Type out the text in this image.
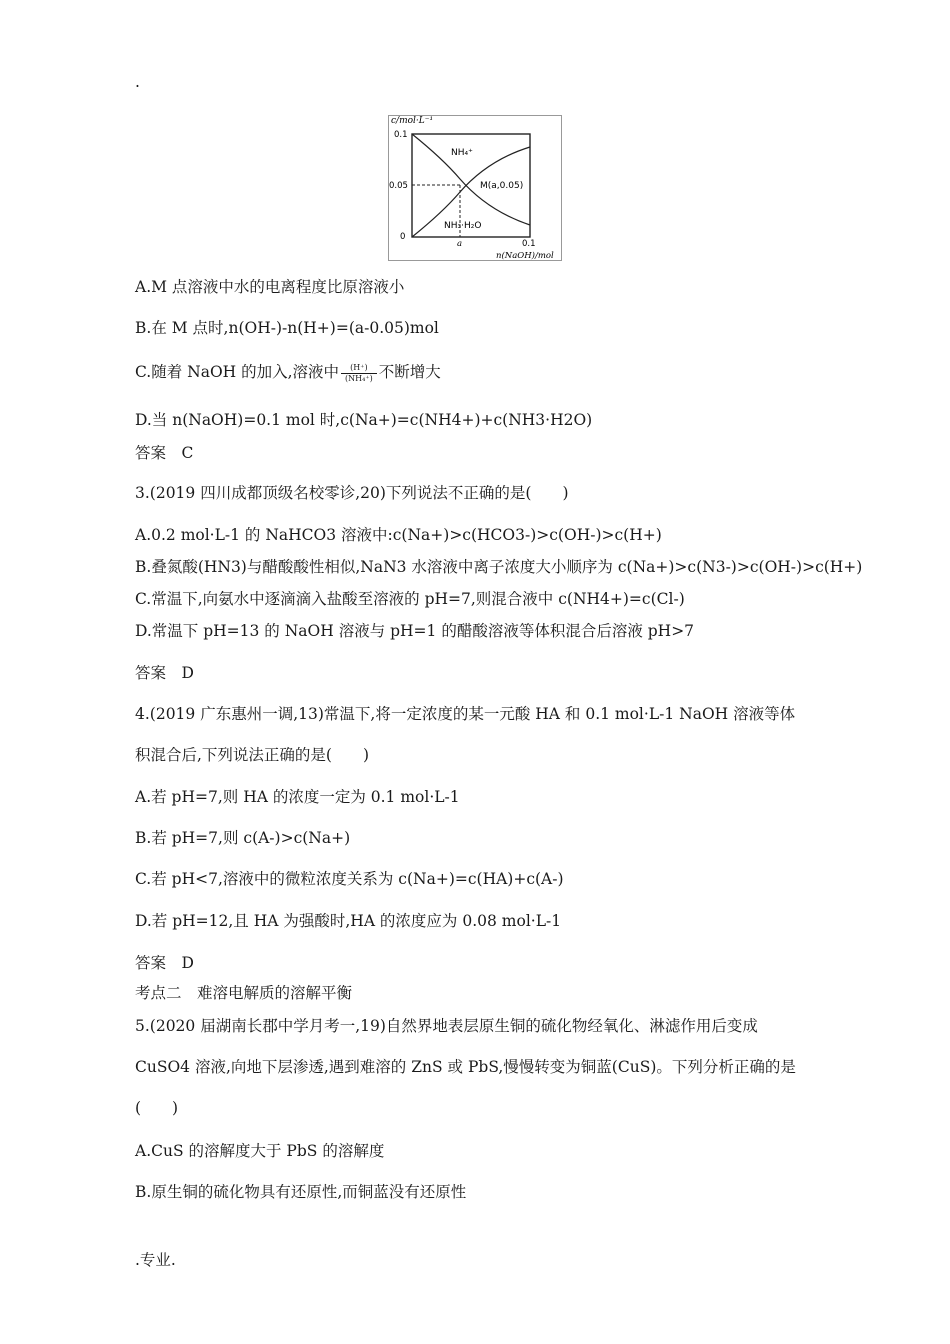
.
c/mol·L⁻¹
0.1
0.05
0
a	0.1
n(NaOH)/mol
NH₄⁺
NH₃·H₂O
M(a,0.05)
A.M 点溶液中水的电离程度比原溶液小
B.在 M 点时,n(OH-)-n(H+)=(a-0.05)mol
C.随着 NaOH 的加入,溶液中 $\frac{(H^+)}{\text{(NH₄⁺)}}$ 不断增大
D.当 n(NaOH)=0.1 mol 时,c(Na+)=c(NH4+)+c(NH3·H2O)
答案　C
3.(2019 四川成都顶级名校零诊,20)下列说法不正确的是(　　)
A.0.2 mol·L-1 的 NaHCO3 溶液中:c(Na+)>c(HCO3-)>c(OH-)>c(H+)
B.叠氮酸(HN3)与醋酸酸性相似,NaN3 水溶液中离子浓度大小顺序为 c(Na+)>c(N3-)>c(OH-)>c(H+)
C.常温下,向氨水中逐滴滴入盐酸至溶液的 pH=7,则混合液中 c(NH4+)=c(Cl-)
D.常温下 pH=13 的 NaOH 溶液与 pH=1 的醋酸溶液等体积混合后溶液 pH>7
答案　D
4.(2019 广东惠州一调,13)常温下,将一定浓度的某一元酸 HA 和 0.1 mol·L-1 NaOH 溶液等体
积混合后,下列说法正确的是(　　)
A.若 pH=7,则 HA 的浓度一定为 0.1 mol·L-1
B.若 pH=7,则 c(A-)>c(Na+)
C.若 pH<7,溶液中的微粒浓度关系为 c(Na+)=c(HA)+c(A-)
D.若 pH=12,且 HA 为强酸时,HA 的浓度应为 0.08 mol·L-1
答案　D
考点二　难溶电解质的溶解平衡
5.(2020 届湖南长郡中学月考一,19)自然界地表层原生铜的硫化物经氧化、淋滤作用后变成
CuSO4 溶液,向地下层渗透,遇到难溶的 ZnS 或 PbS,慢慢转变为铜蓝(CuS)。下列分析正确的是
(　　)
A.CuS 的溶解度大于 PbS 的溶解度
B.原生铜的硫化物具有还原性,而铜蓝没有还原性
.专业.
